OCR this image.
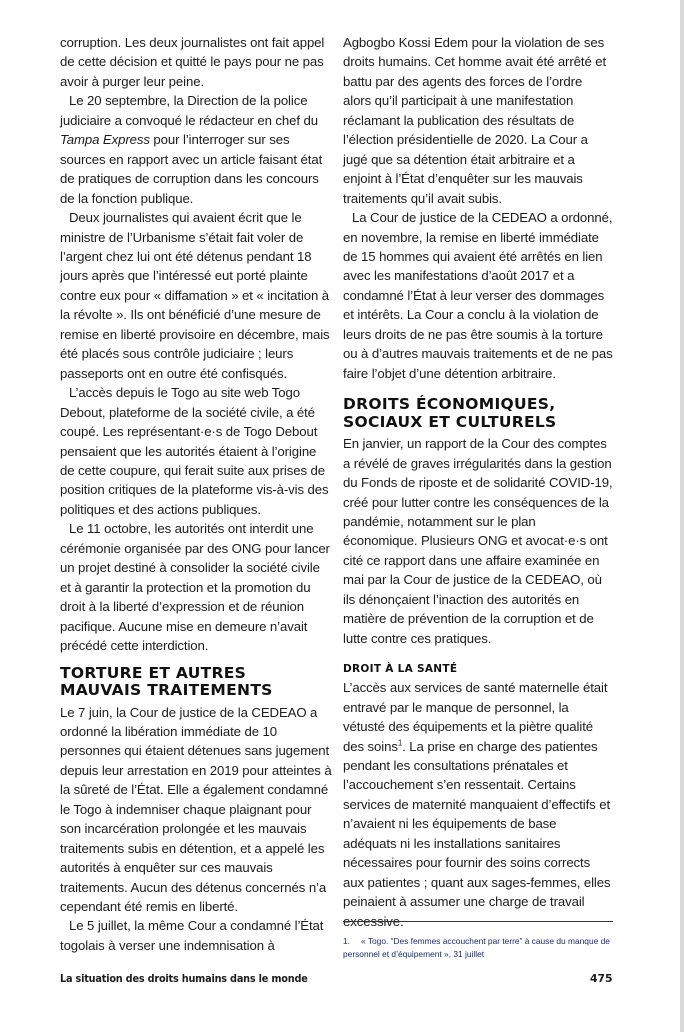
corruption. Les deux journalistes ont fait appel de cette décision et quitté le pays pour ne pas avoir à purger leur peine.

Le 20 septembre, la Direction de la police judiciaire a convoqué le rédacteur en chef du Tampa Express pour l’interroger sur ses sources en rapport avec un article faisant état de pratiques de corruption dans les concours de la fonction publique.

Deux journalistes qui avaient écrit que le ministre de l’Urbanisme s’était fait voler de l’argent chez lui ont été détenus pendant 18 jours après que l’intéressé eut porté plainte contre eux pour « diffamation » et « incitation à la révolte ». Ils ont bénéficié d’une mesure de remise en liberté provisoire en décembre, mais été placés sous contrôle judiciaire ; leurs passeports ont en outre été confisqués.

L’accès depuis le Togo au site web Togo Debout, plateforme de la société civile, a été coupé. Les représentant·e·s de Togo Debout pensaient que les autorités étaient à l’origine de cette coupure, qui ferait suite aux prises de position critiques de la plateforme vis-à-vis des politiques et des actions publiques.

Le 11 octobre, les autorités ont interdit une cérémonie organisée par des ONG pour lancer un projet destiné à consolider la société civile et à garantir la protection et la promotion du droit à la liberté d’expression et de réunion pacifique. Aucune mise en demeure n’avait précédé cette interdiction.

TORTURE ET AUTRES MAUVAIS TRAITEMENTS

Le 7 juin, la Cour de justice de la CEDEAO a ordonné la libération immédiate de 10 personnes qui étaient détenues sans jugement depuis leur arrestation en 2019 pour atteintes à la sûreté de l’État. Elle a également condamné le Togo à indemniser chaque plaignant pour son incarcération prolongée et les mauvais traitements subis en détention, et a appelé les autorités à enquêter sur ces mauvais traitements. Aucun des détenus concernés n’a cependant été remis en liberté.

Le 5 juillet, la même Cour a condamné l’État togolais à verser une indemnisation à

Agbogbo Kossi Edem pour la violation de ses droits humains. Cet homme avait été arrêté et battu par des agents des forces de l’ordre alors qu’il participait à une manifestation réclamant la publication des résultats de l’élection présidentielle de 2020. La Cour a jugé que sa détention était arbitraire et a enjoint à l’État d’enquêter sur les mauvais traitements qu’il avait subis.

La Cour de justice de la CEDEAO a ordonné, en novembre, la remise en liberté immédiate de 15 hommes qui avaient été arrêtés en lien avec les manifestations d’août 2017 et a condamné l’État à leur verser des dommages et intérêts. La Cour a conclu à la violation de leurs droits de ne pas être soumis à la torture ou à d’autres mauvais traitements et de ne pas faire l’objet d’une détention arbitraire.

DROITS ÉCONOMIQUES, SOCIAUX ET CULTURELS

En janvier, un rapport de la Cour des comptes a révélé de graves irrégularités dans la gestion du Fonds de riposte et de solidarité COVID-19, créé pour lutter contre les conséquences de la pandémie, notamment sur le plan économique. Plusieurs ONG et avocat·e·s ont cité ce rapport dans une affaire examinée en mai par la Cour de justice de la CEDEAO, où ils dénonçaient l’inaction des autorités en matière de prévention de la corruption et de lutte contre ces pratiques.

DROIT À LA SANTÉ

L’accès aux services de santé maternelle était entravé par le manque de personnel, la vétusté des équipements et la piètre qualité des soins$^1$. La prise en charge des patientes pendant les consultations prénatales et l’accouchement s’en ressentait. Certains services de maternité manquaient d’effectifs et n’avaient ni les équipements de base adéquats ni les installations sanitaires nécessaires pour fournir des soins corrects aux patientes ; quant aux sages-femmes, elles peinaient à assumer une charge de travail excessive.

1. « Togo. “Des femmes accouchent par terre” à cause du manque de personnel et d’équipement », 31 juillet
La situation des droits humains dans le monde	475
